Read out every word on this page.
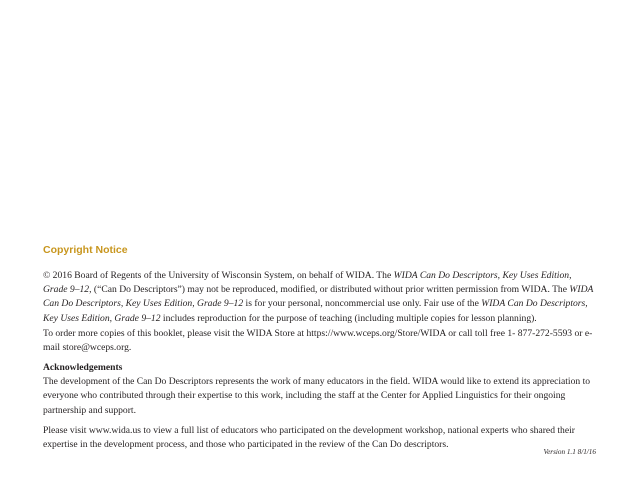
Copyright Notice

© 2016 Board of Regents of the University of Wisconsin System, on behalf of WIDA. The WIDA Can Do Descriptors, Key Uses Edition, Grade 9–12, (“Can Do Descriptors”) may not be reproduced, modified, or distributed without prior written permission from WIDA. The WIDA Can Do Descriptors, Key Uses Edition, Grade 9–12 is for your personal, noncommercial use only. Fair use of the WIDA Can Do Descriptors, Key Uses Edition, Grade 9–12 includes reproduction for the purpose of teaching (including multiple copies for lesson planning).

To order more copies of this booklet, please visit the WIDA Store at https://www.wceps.org/Store/WIDA or call toll free 1- 877-272-5593 or e-mail store@wceps.org.

Acknowledgements
The development of the Can Do Descriptors represents the work of many educators in the field. WIDA would like to extend its appreciation to everyone who contributed through their expertise to this work, including the staff at the Center for Applied Linguistics for their ongoing partnership and support.

Please visit www.wida.us to view a full list of educators who participated on the development workshop, national experts who shared their expertise in the development process, and those who participated in the review of the Can Do descriptors.

Version 1.1 8/1/16
